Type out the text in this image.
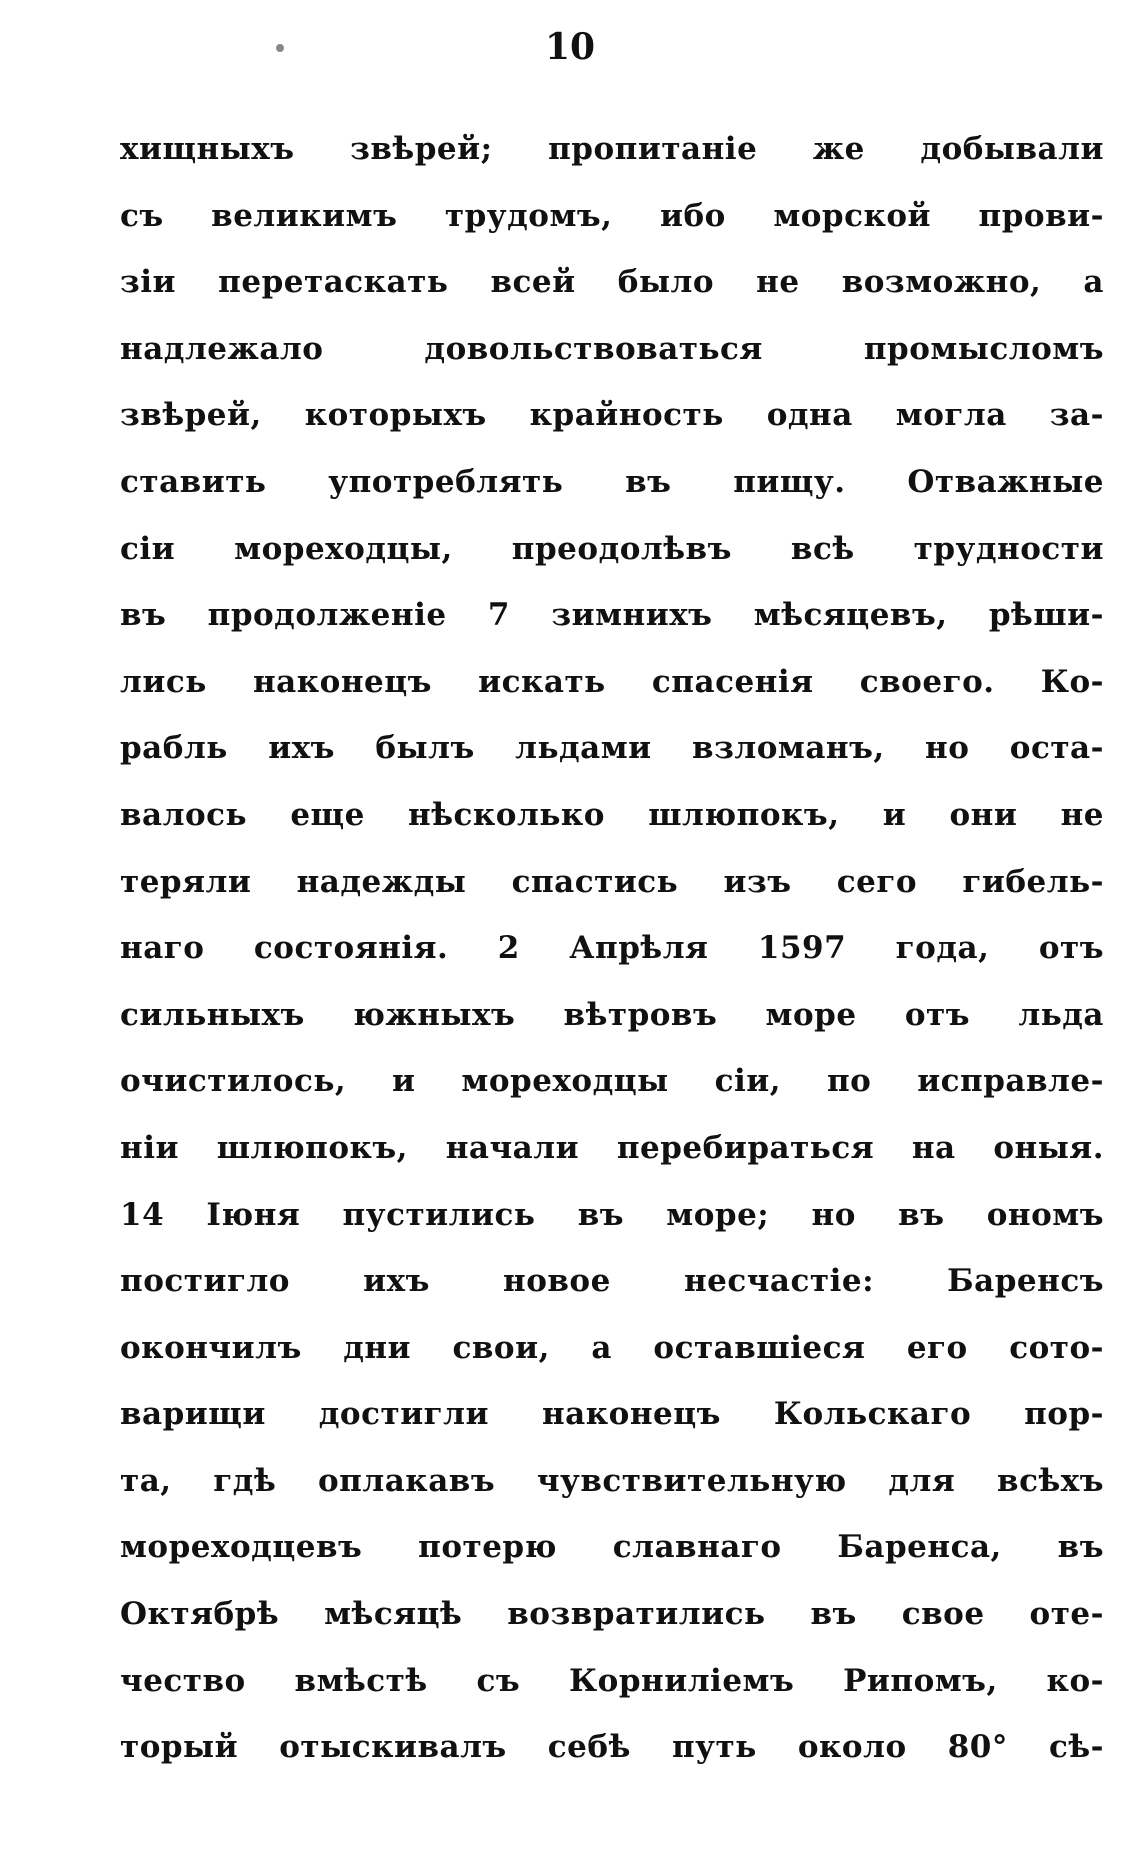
10
хищныхъ звѣрей; пропитанiе же добывали
съ великимъ трудомъ, ибо морской прови-
зiи перетаскать всей было не возможно, а
надлежало довольствоваться промысломъ
звѣрей, которыхъ крайность одна могла за-
ставить употреблять въ пищу. Отважные
сiи мореходцы, преодолѣвъ всѣ трудности
въ продолженiе 7 зимнихъ мѣсяцевъ, рѣши-
лись наконецъ искать спасенiя своего. Ко-
рабль ихъ былъ льдами взломанъ, но оста-
валось еще нѣсколько шлюпокъ, и они не
теряли надежды спастись изъ сего гибель-
наго состоянiя. 2 Апрѣля 1597 года, отъ
сильныхъ южныхъ вѣтровъ море отъ льда
очистилось, и мореходцы сiи, по исправле-
нiи шлюпокъ, начали перебираться на оныя.
14 Iюня пустились въ море; но въ ономъ
постигло ихъ новое несчастiе: Баренсъ
окончилъ дни свои, а оставшiеся его сото-
варищи достигли наконецъ Кольскаго пор-
та, гдѣ оплакавъ чувствительную для всѣхъ
мореходцевъ потерю славнаго Баренса, въ
Октябрѣ мѣсяцѣ возвратились въ свое оте-
чество вмѣстѣ съ Корнилiемъ Рипомъ, ко-
торый отыскивалъ себѣ путь около 80° сѣ-
